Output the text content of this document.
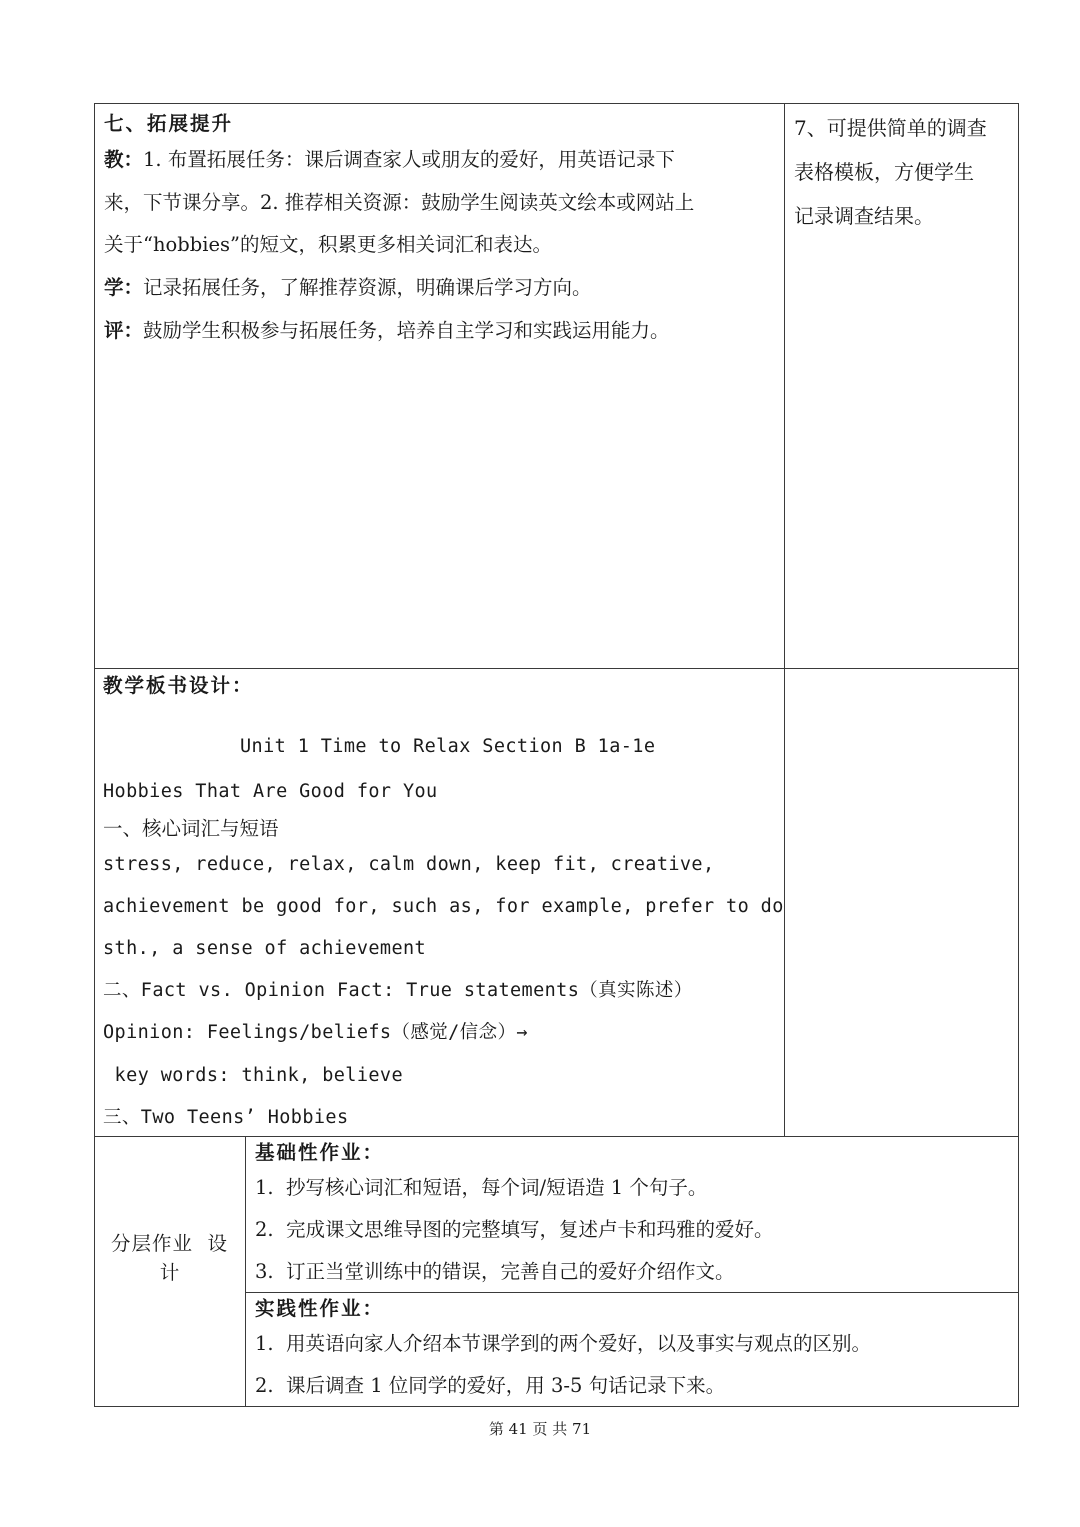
七、拓展提升
教：1. 布置拓展任务：课后调查家人或朋友的爱好，用英语记录下
来，下节课分享。2. 推荐相关资源：鼓励学生阅读英文绘本或网站上
关于“hobbies”的短文，积累更多相关词汇和表达。
学：记录拓展任务，了解推荐资源，明确课后学习方向。
评：鼓励学生积极参与拓展任务，培养自主学习和实践运用能力。
7、可提供简单的调查
表格模板，方便学生
记录调查结果。
教学板书设计：
Unit 1 Time to Relax Section B 1a-1e
Hobbies That Are Good for You
一、核心词汇与短语
stress, reduce, relax, calm down, keep fit, creative,
achievement be good for, such as, for example, prefer to do
sth., a sense of achievement
二、Fact vs. Opinion Fact: True statements（真实陈述）
Opinion: Feelings/beliefs（感觉/信念）→
key words: think, believe
三、Two Teens’ Hobbies
分层作业  设
计
基础性作业：
1.  抄写核心词汇和短语，每个词/短语造 1 个句子。
2.  完成课文思维导图的完整填写，复述卢卡和玛雅的爱好。
3.  订正当堂训练中的错误，完善自己的爱好介绍作文。
实践性作业：
1.  用英语向家人介绍本节课学到的两个爱好，以及事实与观点的区别。
2.  课后调查 1 位同学的爱好，用 3-5 句话记录下来。
第 41 页 共 71
